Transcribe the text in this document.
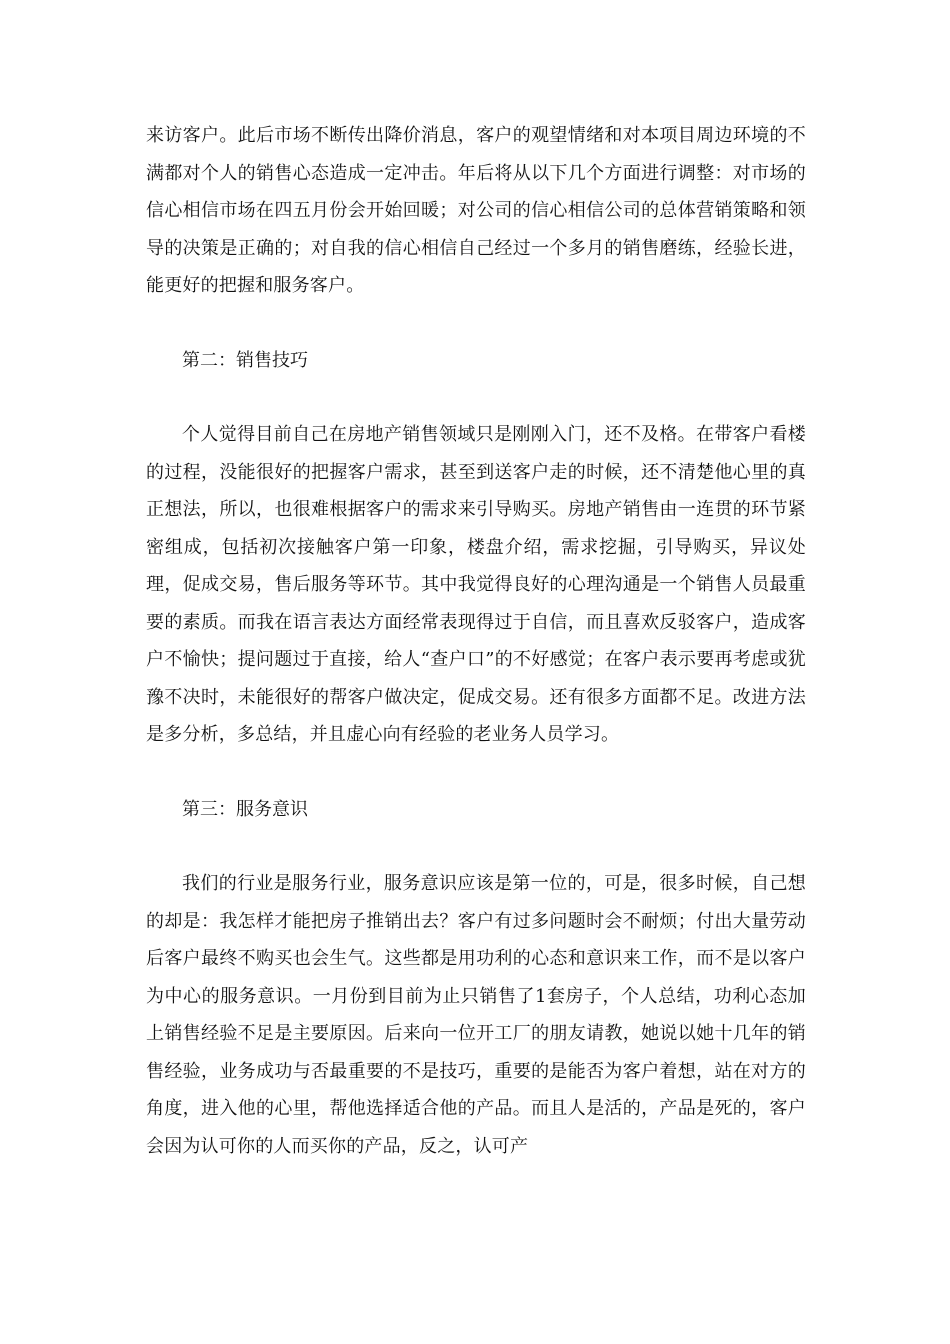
来访客户。此后市场不断传出降价消息，客户的观望情绪和对本项目周边环境的不满都对个人的销售心态造成一定冲击。年后将从以下几个方面进行调整：对市场的信心相信市场在四五月份会开始回暖；对公司的信心相信公司的总体营销策略和领导的决策是正确的；对自我的信心相信自己经过一个多月的销售磨练，经验长进，能更好的把握和服务客户。

第二：销售技巧

个人觉得目前自己在房地产销售领域只是刚刚入门，还不及格。在带客户看楼的过程，没能很好的把握客户需求，甚至到送客户走的时候，还不清楚他心里的真正想法，所以，也很难根据客户的需求来引导购买。房地产销售由一连贯的环节紧密组成，包括初次接触客户第一印象，楼盘介绍，需求挖掘，引导购买，异议处理，促成交易，售后服务等环节。其中我觉得良好的心理沟通是一个销售人员最重要的素质。而我在语言表达方面经常表现得过于自信，而且喜欢反驳客户，造成客户不愉快；提问题过于直接，给人“查户口”的不好感觉；在客户表示要再考虑或犹豫不决时，未能很好的帮客户做决定，促成交易。还有很多方面都不足。改进方法是多分析，多总结，并且虚心向有经验的老业务人员学习。

第三：服务意识

我们的行业是服务行业，服务意识应该是第一位的，可是，很多时候，自己想的却是：我怎样才能把房子推销出去？客户有过多问题时会不耐烦；付出大量劳动后客户最终不购买也会生气。这些都是用功利的心态和意识来工作，而不是以客户为中心的服务意识。一月份到目前为止只销售了1套房子，个人总结，功利心态加上销售经验不足是主要原因。后来向一位开工厂的朋友请教，她说以她十几年的销售经验，业务成功与否最重要的不是技巧，重要的是能否为客户着想，站在对方的角度，进入他的心里，帮他选择适合他的产品。而且人是活的，产品是死的，客户会因为认可你的人而买你的产品，反之，认可产
